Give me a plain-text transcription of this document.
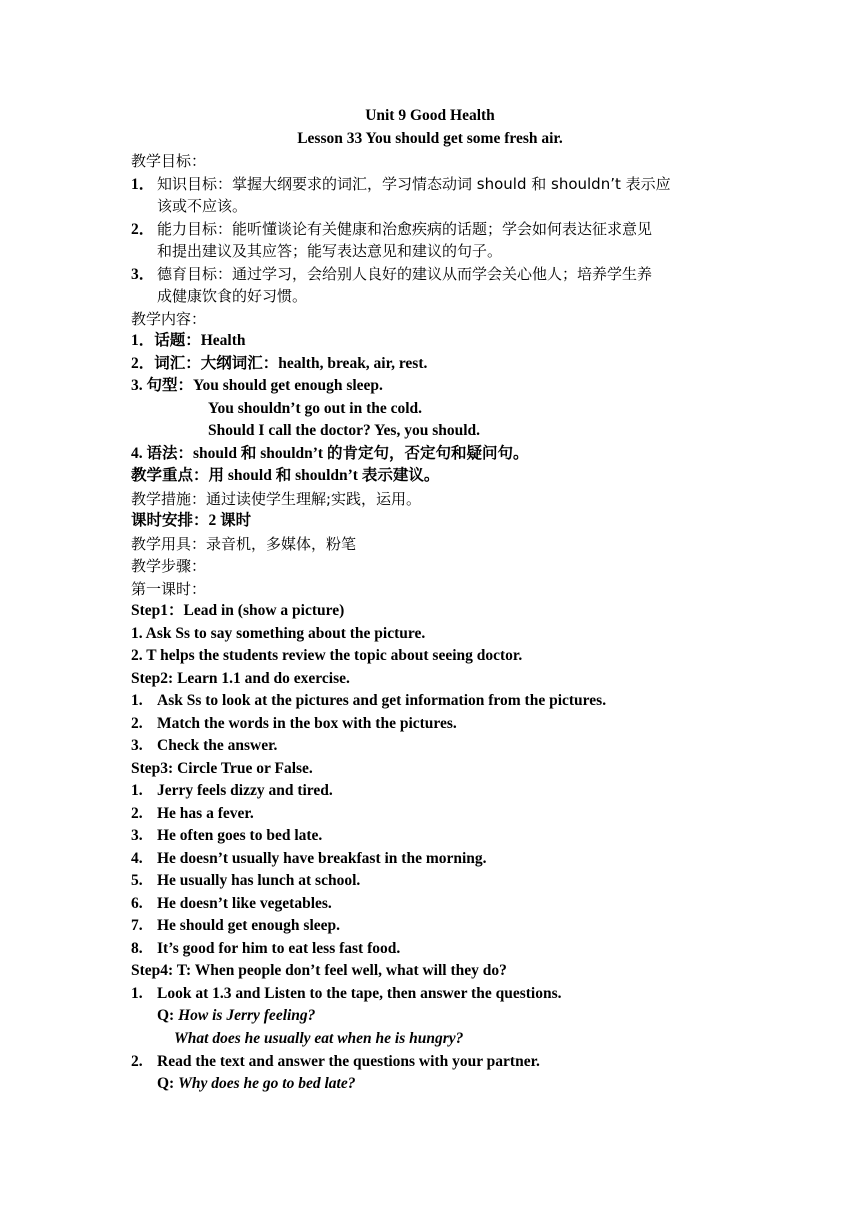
Unit 9 Good Health
Lesson 33 You should get some fresh air.
教学目标：
1． 知识目标：掌握大纲要求的词汇，学习情态动词 should 和 shouldn’t 表示应
该或不应该。
2． 能力目标：能听懂谈论有关健康和治愈疾病的话题；学会如何表达征求意见
和提出建议及其应答；能写表达意见和建议的句子。
3． 德育目标：通过学习，会给别人良好的建议从而学会关心他人；培养学生养
成健康饮食的好习惯。
教学内容：
1．话题：Health
2．词汇：大纲词汇：health, break, air, rest.
3. 句型：You should get enough sleep.
You shouldn’t go out in the cold.
Should I call the doctor? Yes, you should.
4. 语法：should 和 shouldn’t 的肯定句，否定句和疑问句。
教学重点：用 should 和 shouldn’t 表示建议。
教学措施：通过读使学生理解;实践，运用。
课时安排：2 课时
教学用具：录音机，多媒体，粉笔
教学步骤：
第一课时：
Step1：Lead in (show a picture)
1. Ask Ss to say something about the picture.
2. T helps the students review the topic about seeing doctor.
Step2: Learn 1.1 and do exercise.
1. Ask Ss to look at the pictures and get information from the pictures.
2. Match the words in the box with the pictures.
3. Check the answer.
Step3: Circle True or False.
1. Jerry feels dizzy and tired.
2. He has a fever.
3. He often goes to bed late.
4. He doesn’t usually have breakfast in the morning.
5. He usually has lunch at school.
6. He doesn’t like vegetables.
7. He should get enough sleep.
8. It’s good for him to eat less fast food.
Step4: T: When people don’t feel well, what will they do?
1. Look at 1.3 and Listen to the tape, then answer the questions.
Q: How is Jerry feeling?
What does he usually eat when he is hungry?
2. Read the text and answer the questions with your partner.
Q: Why does he go to bed late?
